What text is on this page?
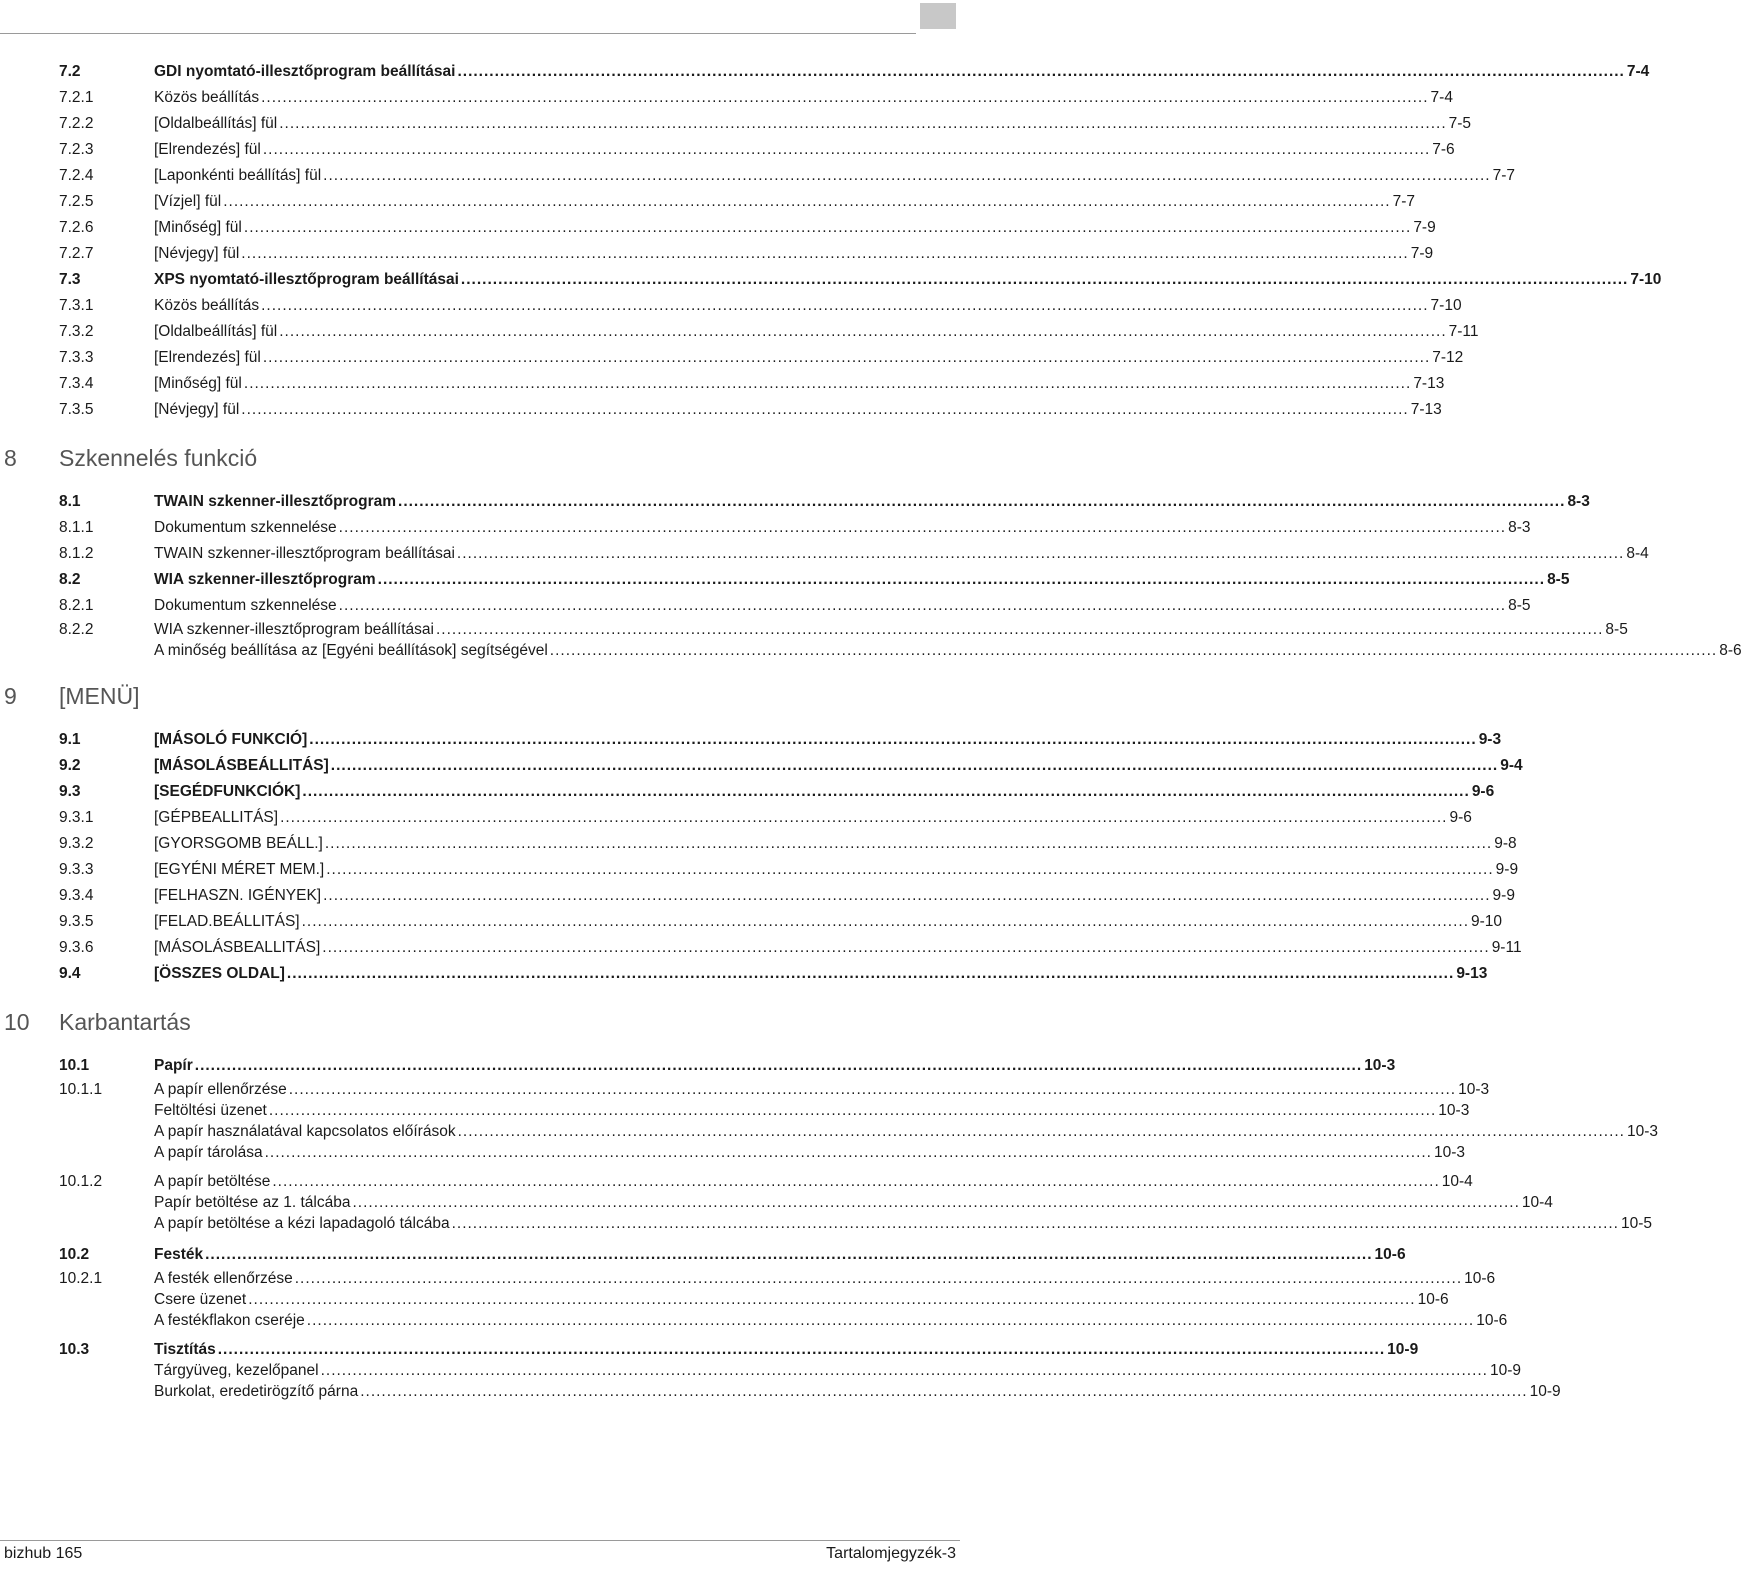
7.2	GDI nyomtató-illesztőprogram beállításai ............................................................................................................................................................................................................................ 7-4
7.2.1	Közös beállítás ............................................................................................................................................................................................................................ 7-4
7.2.2	[Oldalbeállítás] fül ............................................................................................................................................................................................................................ 7-5
7.2.3	[Elrendezés] fül ............................................................................................................................................................................................................................ 7-6
7.2.4	[Laponkénti beállítás] fül ............................................................................................................................................................................................................................ 7-7
7.2.5	[Vízjel] fül ............................................................................................................................................................................................................................ 7-7
7.2.6	[Minőség] fül ............................................................................................................................................................................................................................ 7-9
7.2.7	[Névjegy] fül ............................................................................................................................................................................................................................ 7-9
7.3	XPS nyomtató-illesztőprogram beállításai ............................................................................................................................................................................................................................ 7-10
7.3.1	Közös beállítás ............................................................................................................................................................................................................................ 7-10
7.3.2	[Oldalbeállítás] fül ............................................................................................................................................................................................................................ 7-11
7.3.3	[Elrendezés] fül ............................................................................................................................................................................................................................ 7-12
7.3.4	[Minőség] fül ............................................................................................................................................................................................................................ 7-13
7.3.5	[Névjegy] fül ............................................................................................................................................................................................................................ 7-13
8 Szkennelés funkció
8.1	TWAIN szkenner-illesztőprogram ............................................................................................................................................................................................................................ 8-3
8.1.1	Dokumentum szkennelése ............................................................................................................................................................................................................................ 8-3
8.1.2	TWAIN szkenner-illesztőprogram beállításai ............................................................................................................................................................................................................................ 8-4
8.2	WIA szkenner-illesztőprogram ............................................................................................................................................................................................................................ 8-5
8.2.1	Dokumentum szkennelése ............................................................................................................................................................................................................................ 8-5
8.2.2	WIA szkenner-illesztőprogram beállításai ............................................................................................................................................................................................................................ 8-5
A minőség beállítása az [Egyéni beállítások] segítségével ............................................................................................................................................................................................................................ 8-6
9 [MENÜ]
9.1	[MÁSOLÓ FUNKCIÓ] ............................................................................................................................................................................................................................ 9-3
9.2	[MÁSOLÁSBEÁLLITÁS] ............................................................................................................................................................................................................................ 9-4
9.3	[SEGÉDFUNKCIÓK] ............................................................................................................................................................................................................................ 9-6
9.3.1	[GÉPBEALLITÁS] ............................................................................................................................................................................................................................ 9-6
9.3.2	[GYORSGOMB BEÁLL.] ............................................................................................................................................................................................................................ 9-8
9.3.3	[EGYÉNI MÉRET MEM.] ............................................................................................................................................................................................................................ 9-9
9.3.4	[FELHASZN. IGÉNYEK] ............................................................................................................................................................................................................................ 9-9
9.3.5	[FELAD.BEÁLLITÁS] ............................................................................................................................................................................................................................ 9-10
9.3.6	[MÁSOLÁSBEALLITÁS] ............................................................................................................................................................................................................................ 9-11
9.4	[ÖSSZES OLDAL] ............................................................................................................................................................................................................................ 9-13
10 Karbantartás
10.1	Papír ............................................................................................................................................................................................................................ 10-3
10.1.1	A papír ellenőrzése ............................................................................................................................................................................................................................ 10-3
Feltöltési üzenet ............................................................................................................................................................................................................................ 10-3
A papír használatával kapcsolatos előírások ............................................................................................................................................................................................................................ 10-3
A papír tárolása ............................................................................................................................................................................................................................ 10-3
10.1.2	A papír betöltése ............................................................................................................................................................................................................................ 10-4
Papír betöltése az 1. tálcába ............................................................................................................................................................................................................................ 10-4
A papír betöltése a kézi lapadagoló tálcába ............................................................................................................................................................................................................................ 10-5
10.2	Festék ............................................................................................................................................................................................................................ 10-6
10.2.1	A festék ellenőrzése ............................................................................................................................................................................................................................ 10-6
Csere üzenet ............................................................................................................................................................................................................................ 10-6
A festékflakon cseréje ............................................................................................................................................................................................................................ 10-6
10.3	Tisztítás ............................................................................................................................................................................................................................ 10-9
Tárgyüveg, kezelőpanel ............................................................................................................................................................................................................................ 10-9
Burkolat, eredetirögzítő párna ............................................................................................................................................................................................................................ 10-9
bizhub 165	Tartalomjegyzék-3
